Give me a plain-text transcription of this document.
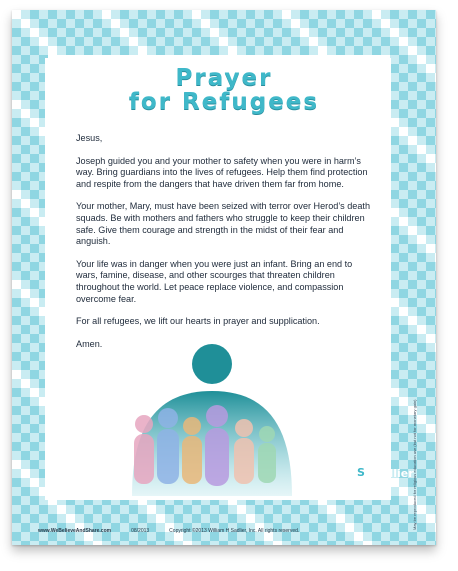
Prayer
for Refugees

Jesus,

Joseph guided you and your mother to safety when you were in harm’s way. Bring guardians into the lives of refugees. Help them find protection and respite from the dangers that have driven them far from home.

Your mother, Mary, must have been seized with terror over Herod’s death squads. Be with mothers and fathers who struggle to keep their children safe. Give them courage and strength in the midst of their fear and anguish.

Your life was in danger when you were just an infant. Bring an end to wars, famine, disease, and other scourges that threaten children throughout the world. Let peace replace violence, and compassion overcome fear.

For all refugees, we lift our hearts in prayer and supplication.

Amen.

S Sadlier
www.WeBelieveAndShare.com	08/2013	Copyright ©2013 William H Sadlier, Inc. All rights reserved.
